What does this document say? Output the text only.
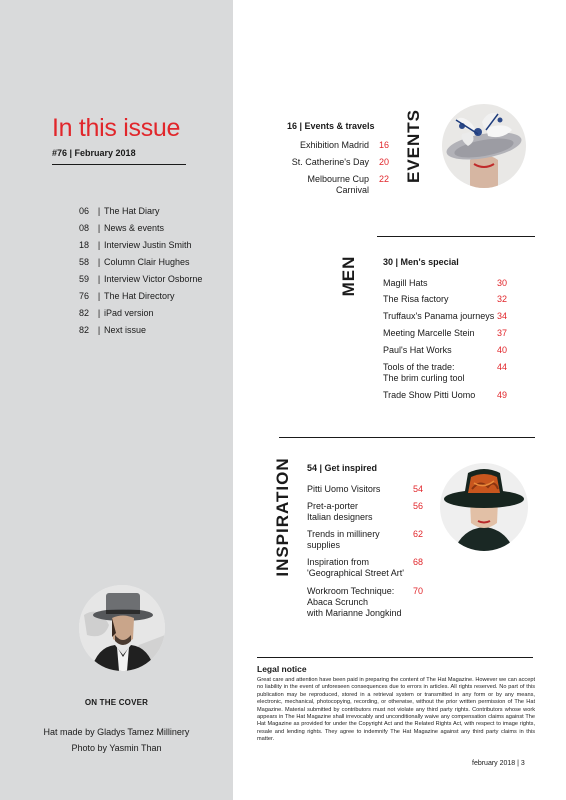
In this issue
#76 | February 2018
06 | The Hat Diary
08 | News & events
18 | Interview Justin Smith
58 | Column Clair Hughes
59 | Interview Victor Osborne
76 | The Hat Directory
82 | iPad version
82 | Next issue
ON THE COVER
Hat made by Gladys Tamez Millinery
Photo by Yasmin Than
16 | Events & travels
Exhibition Madrid 16
St. Catherine's Day 20
Melbourne Cup
Carnival
22 EVENTS
MEN	30 | Men's special
Magill Hats	30
The Risa factory	32
Truffaux's Panama journeys 34
Meeting Marcelle Stein 37
Paul's Hat Works	40
Tools of the trade:
The brim curling tool
44
Trade Show Pitti Uomo 49
INSPIRATION	54 | Get inspired
Pitti Uomo Visitors	54
Pret-a-porter
Italian designers
56
Trends in millinery
supplies
62
Inspiration from
'Geographical Street Art'
68
Workroom Technique:
Abaca Scrunch
with Marianne Jongkind
70
Legal notice

Great care and attention have been paid in preparing the content of The Hat Magazine. However we can accept no liability in the event of unforeseen consequences due to errors in articles. All rights reserved. No part of this publication may be reproduced, stored in a retrieval system or transmitted in any form or by any means, electronic, mechanical, photocopying, recording, or otherwise, without the prior written permission of The Hat Magazine. Material submitted by contributors must not violate any third party rights. Contributors whose work appears in The Hat Magazine shall irrevocably and unconditionally waive any compensation claims against The Hat Magazine as provided for under the Copyright Act and the Related Rights Act, with respect to image rights, resale and lending rights. They agree to indemnify The Hat Magazine against any third party claims in this matter.

february 2018 | 3
